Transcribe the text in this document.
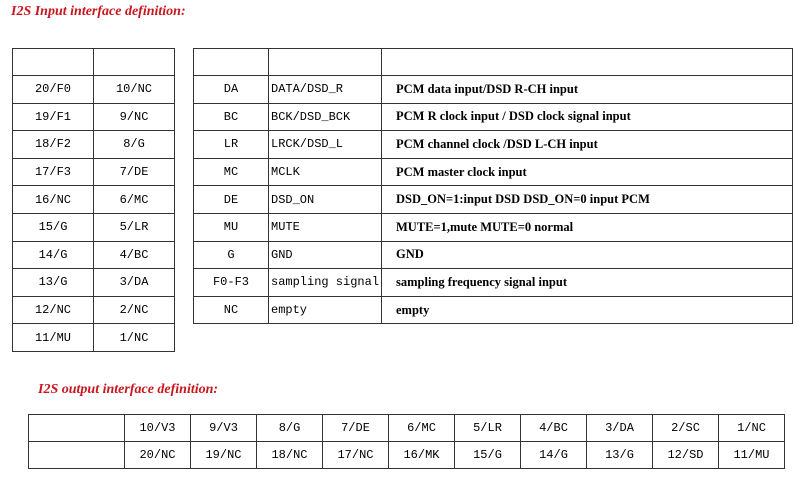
I2S Input interface definition:

20/F0	10/NC
19/F1	9/NC
18/F2	8/G
17/F3	7/DE
16/NC	6/MC
15/G	5/LR
14/G	4/BC
13/G	3/DA
12/NC	2/NC
11/MU	1/NC

DA	DATA/DSD_R	PCM data input/DSD R-CH input
BC	BCK/DSD_BCK	PCM R clock input / DSD clock signal input
LR	LRCK/DSD_L	PCM channel clock /DSD L-CH input
MC	MCLK	PCM master clock input
DE	DSD_ON	DSD_ON=1:input DSD DSD_ON=0 input PCM
MU	MUTE	MUTE=1,mute MUTE=0 normal
G	GND	GND
F0-F3	sampling signal	sampling frequency signal input
NC	empty	empty
I2S output interface definition:
	10/V3	9/V3	8/G	7/DE	6/MC	5/LR	4/BC	3/DA	2/SC	1/NC
	20/NC	19/NC	18/NC	17/NC	16/MK	15/G	14/G	13/G	12/SD	11/MU
